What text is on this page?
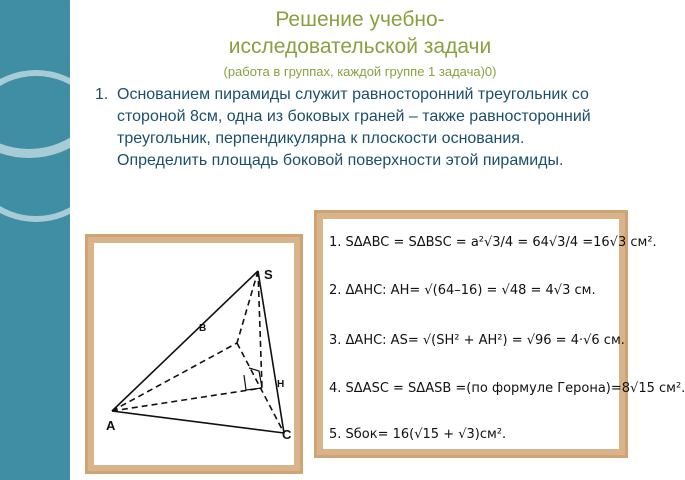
Решение учебно-
исследовательской задачи
(работа в группах, каждой группе 1 задача)0)
1. Основанием пирамиды служит равносторонний треугольник со стороной 8см, одна из боковых граней – также равносторонний треугольник, перпендикулярна к плоскости основания. Определить площадь боковой поверхности этой пирамиды.
S
B
H
A
C
1. SΔABC = SΔBSC = a²√3/4 = 64√3/4 =16√3 см².
2. ΔАНС: АН= √(64–16) = √48 = 4√3 см.
3. ΔАНС: АS= √(SH² + AH²) = √96 = 4·√6 см.
4. SΔASC = SΔASB =(по формуле Герона)=8√15 см².
5. Sбок= 16(√15 + √3)см².
